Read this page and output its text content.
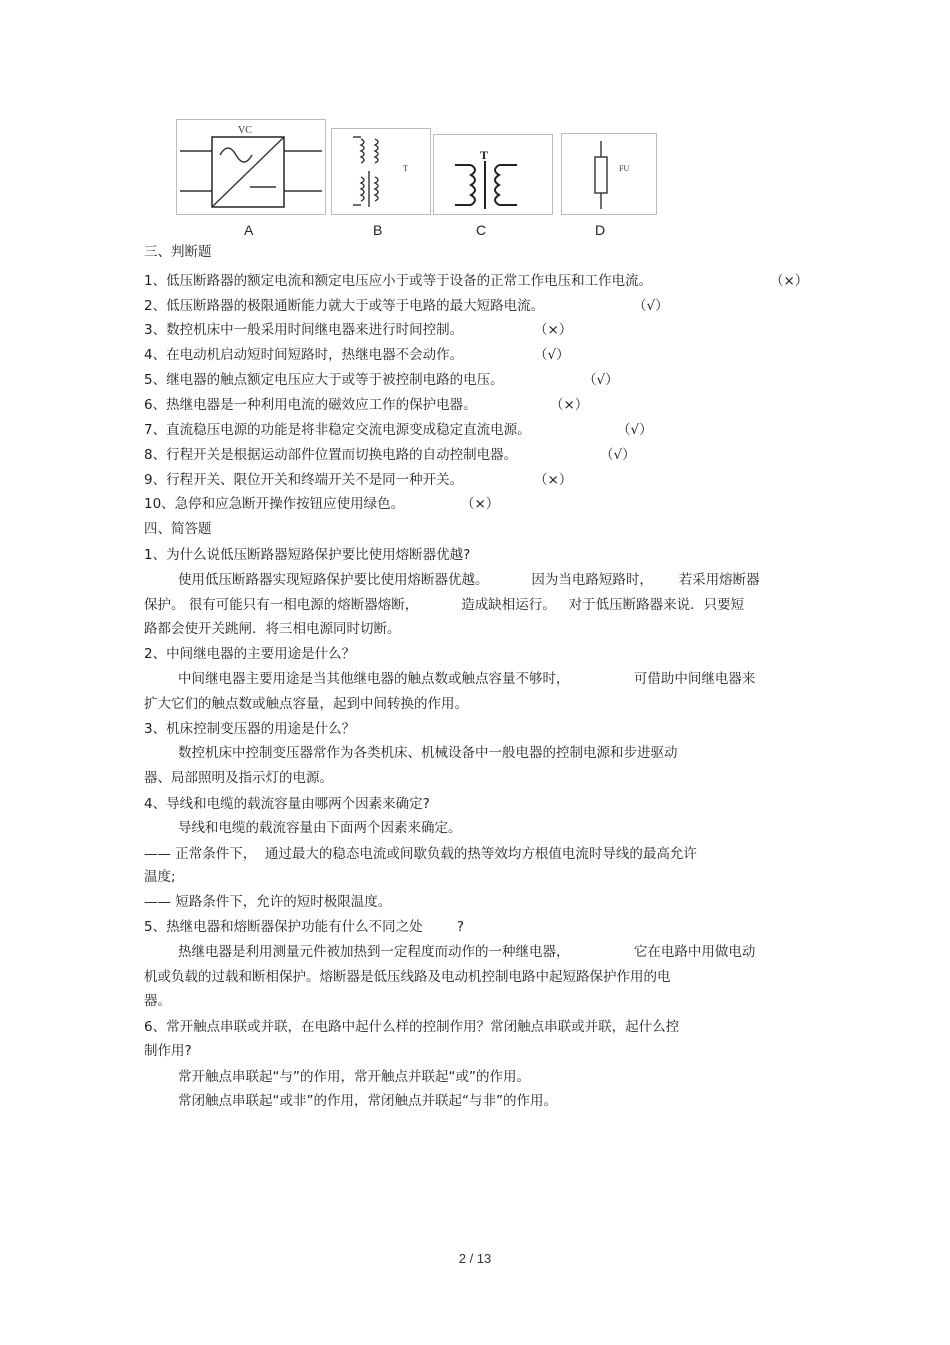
VC
T
T
FU
A	B	C	D
三、判断题
1、低压断路器的额定电流和额定电压应小于或等于设备的正常工作电压和工作电流。	（×）
2、低压断路器的极限通断能力就大于或等于电路的最大短路电流。	（√）
3、数控机床中一般采用时间继电器来进行时间控制。	（×）
4、在电动机启动短时间短路时，热继电器不会动作。	（√）
5、继电器的触点额定电压应大于或等于被控制电路的电压。	（√）
6、热继电器是一种利用电流的磁效应工作的保护电器。	（×）
7、直流稳压电源的功能是将非稳定交流电源变成稳定直流电源。	（√）
8、行程开关是根据运动部件位置而切换电路的自动控制电器。	（√）
9、行程开关、限位开关和终端开关不是同一种开关。	（×）
10、急停和应急断开操作按钮应使用绿色。	（×）
四、简答题
1、为什么说低压断路器短路保护要比使用熔断器优越?
使用低压断路器实现短路保护要比使用熔断器优越。          因为当电路短路时，      若采用熔断器
保护。 很有可能只有一相电源的熔断器熔断，          造成缺相运行。   对于低压断路器来说．只要短
路都会使开关跳闸．将三相电源同时切断。
2、中间继电器的主要用途是什么？
中间继电器主要用途是当其他继电器的触点数或触点容量不够时，               可借助中间继电器来
扩大它们的触点数或触点容量，起到中间转换的作用。
3、机床控制变压器的用途是什么？
数控机床中控制变压器常作为各类机床、机械设备中一般电器的控制电源和步进驱动
器、局部照明及指示灯的电源。
4、导线和电缆的载流容量由哪两个因素来确定?
导线和电缆的载流容量由下面两个因素来确定。
—— 正常条件下，  通过最大的稳态电流或间歇负载的热等效均方根值电流时导线的最高允许
温度;
—— 短路条件下，允许的短时极限温度。
5、热继电器和熔断器保护功能有什么不同之处        ?
热继电器是利用测量元件被加热到一定程度而动作的一种继电器，               它在电路中用做电动
机或负载的过载和断相保护。熔断器是低压线路及电动机控制电路中起短路保护作用的电
器。
6、常开触点串联或并联，在电路中起什么样的控制作用？常闭触点串联或并联，起什么控
制作用?
常开触点串联起“与”的作用，常开触点并联起“或”的作用。
常闭触点串联起“或非”的作用，常闭触点并联起“与非”的作用。
2 / 13
